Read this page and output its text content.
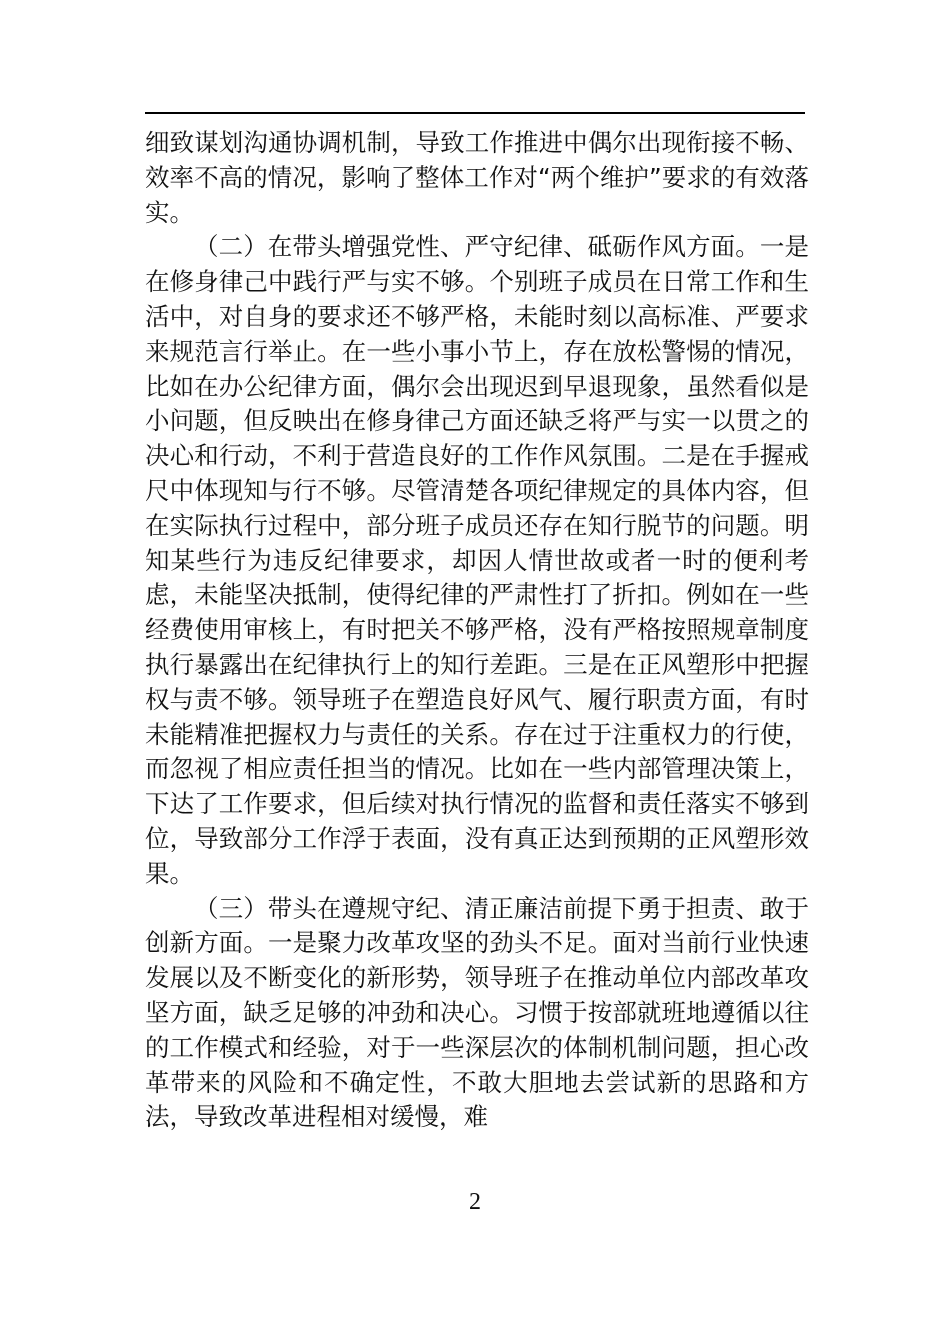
细致谋划沟通协调机制，导致工作推进中偶尔出现衔接不畅、效率不高的情况，影响了整体工作对“两个维护”要求的有效落实。

（二）在带头增强党性、严守纪律、砥砺作风方面。一是在修身律己中践行严与实不够。个别班子成员在日常工作和生活中，对自身的要求还不够严格，未能时刻以高标准、严要求来规范言行举止。在一些小事小节上，存在放松警惕的情况，比如在办公纪律方面，偶尔会出现迟到早退现象，虽然看似是小问题，但反映出在修身律己方面还缺乏将严与实一以贯之的决心和行动，不利于营造良好的工作作风氛围。二是在手握戒尺中体现知与行不够。尽管清楚各项纪律规定的具体内容，但在实际执行过程中，部分班子成员还存在知行脱节的问题。明知某些行为违反纪律要求，却因人情世故或者一时的便利考虑，未能坚决抵制，使得纪律的严肃性打了折扣。例如在一些经费使用审核上，有时把关不够严格，没有严格按照规章制度执行暴露出在纪律执行上的知行差距。三是在正风塑形中把握权与责不够。领导班子在塑造良好风气、履行职责方面，有时未能精准把握权力与责任的关系。存在过于注重权力的行使，而忽视了相应责任担当的情况。比如在一些内部管理决策上，下达了工作要求，但后续对执行情况的监督和责任落实不够到位，导致部分工作浮于表面，没有真正达到预期的正风塑形效果。

（三）带头在遵规守纪、清正廉洁前提下勇于担责、敢于创新方面。一是聚力改革攻坚的劲头不足。面对当前行业快速发展以及不断变化的新形势，领导班子在推动单位内部改革攻坚方面，缺乏足够的冲劲和决心。习惯于按部就班地遵循以往的工作模式和经验，对于一些深层次的体制机制问题，担心改革带来的风险和不确定性，不敢大胆地去尝试新的思路和方法，导致改革进程相对缓慢，难

2
